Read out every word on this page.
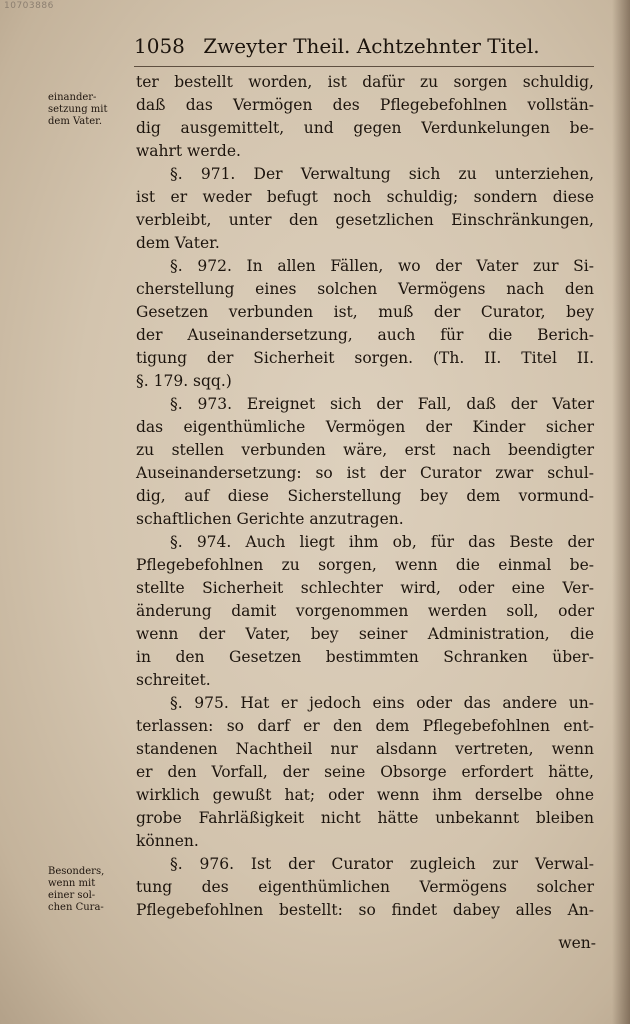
10703886
1058 Zweyter Theil. Achtzehnter Titel.
einander-
setzung mit
dem Vater.
Besonders,
wenn mit
einer sol-
chen Cura-
ter bestellt worden, ist dafür zu sorgen schuldig,
daß das Vermögen des Pflegebefohlnen vollstän-
dig ausgemittelt, und gegen Verdunkelungen be-
wahrt werde.
§. 971. Der Verwaltung sich zu unterziehen,
ist er weder befugt noch schuldig; sondern diese
verbleibt, unter den gesetzlichen Einschränkungen,
dem Vater.
§. 972. In allen Fällen, wo der Vater zur Si-
cherstellung eines solchen Vermögens nach den
Gesetzen verbunden ist, muß der Curator, bey
der Auseinandersetzung, auch für die Berich-
tigung der Sicherheit sorgen. (Th. II. Titel II.
§. 179. sqq.)
§. 973. Ereignet sich der Fall, daß der Vater
das eigenthümliche Vermögen der Kinder sicher
zu stellen verbunden wäre, erst nach beendigter
Auseinandersetzung: so ist der Curator zwar schul-
dig, auf diese Sicherstellung bey dem vormund-
schaftlichen Gerichte anzutragen.
§. 974. Auch liegt ihm ob, für das Beste der
Pflegebefohlnen zu sorgen, wenn die einmal be-
stellte Sicherheit schlechter wird, oder eine Ver-
änderung damit vorgenommen werden soll, oder
wenn der Vater, bey seiner Administration, die
in den Gesetzen bestimmten Schranken über-
schreitet.
§. 975. Hat er jedoch eins oder das andere un-
terlassen: so darf er den dem Pflegebefohlnen ent-
standenen Nachtheil nur alsdann vertreten, wenn
er den Vorfall, der seine Obsorge erfordert hätte,
wirklich gewußt hat; oder wenn ihm derselbe ohne
grobe Fahrläßigkeit nicht hätte unbekannt bleiben
können.
§. 976. Ist der Curator zugleich zur Verwal-
tung des eigenthümlichen Vermögens solcher
Pflegebefohlnen bestellt: so findet dabey alles An-
wen-
